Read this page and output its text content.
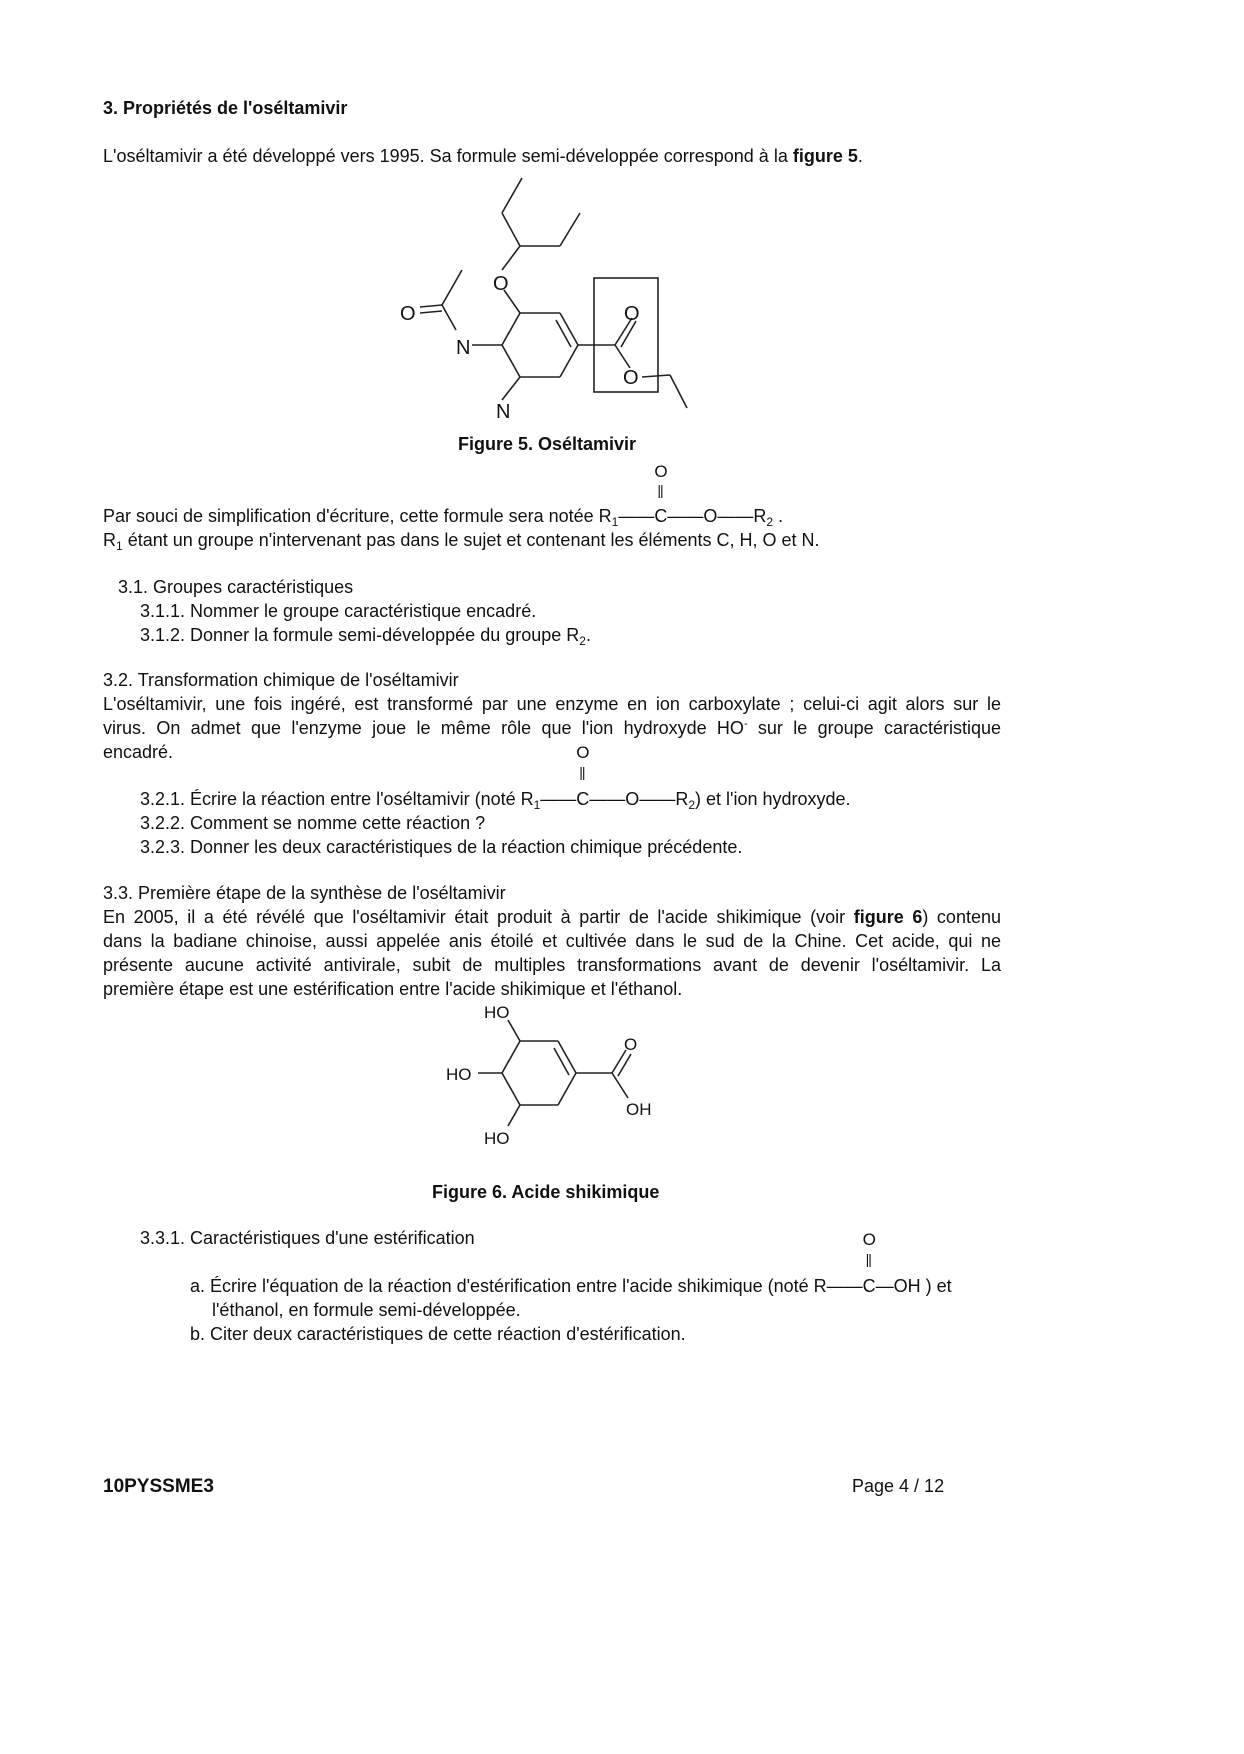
3. Propriétés de l'oséltamivir
L'oséltamivir a été développé vers 1995. Sa formule semi-développée correspond à la figure 5.
O
O
N
N
O
O
Figure 5. Oséltamivir
Par souci de simplification d'écriture, cette formule sera notée $R_1——C$
O
||
$——O——R_2$ .
$R_1$ étant un groupe n'intervenant pas dans le sujet et contenant les éléments C, H, O et N.
3.1. Groupes caractéristiques
3.1.1. Nommer le groupe caractéristique encadré.
3.1.2. Donner la formule semi-développée du groupe $R_2$.
3.2. Transformation chimique de l'oséltamivir
L'oséltamivir, une fois ingéré, est transformé par une enzyme en ion carboxylate ; celui-ci agit alors sur le
virus. On admet que l'enzyme joue le même rôle que l'ion hydroxyde HO- sur le groupe caractéristique
encadré.
3.2.1. Écrire la réaction entre l'oséltamivir (noté $R_1——C$
O
||
$——O——R_2$) et l'ion hydroxyde.
3.2.2. Comment se nomme cette réaction ?
3.2.3. Donner les deux caractéristiques de la réaction chimique précédente.
3.3. Première étape de la synthèse de l'oséltamivir
En 2005, il a été révélé que l'oséltamivir était produit à partir de l'acide shikimique (voir figure 6) contenu
dans la badiane chinoise, aussi appelée anis étoilé et cultivée dans le sud de la Chine. Cet acide, qui ne
présente aucune activité antivirale, subit de multiples transformations avant de devenir l'oséltamivir. La
première étape est une estérification entre l'acide shikimique et l'éthanol.
HO
HO
HO
O
OH
Figure 6. Acide shikimique
3.3.1. Caractéristiques d'une estérification
a. Écrire l'équation de la réaction d'estérification entre l'acide shikimique (noté R——C
O
||
—OH ) et
l'éthanol, en formule semi-développée.
b. Citer deux caractéristiques de cette réaction d'estérification.
10PYSSME3	Page 4 / 12
